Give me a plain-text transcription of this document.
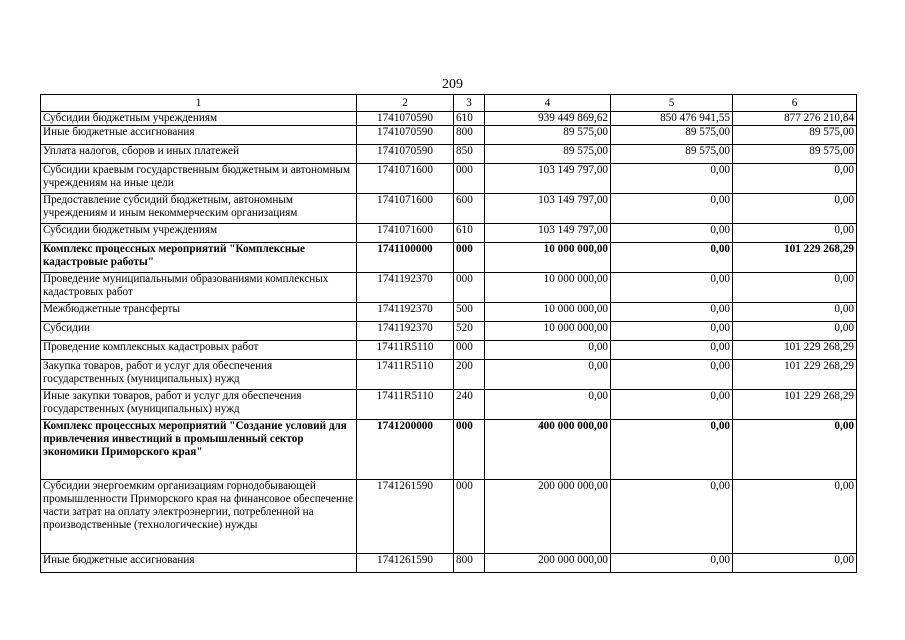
209
1	2	3	4	5	6
Субсидии бюджетным учреждениям	1741070590	610	939 449 869,62	850 476 941,55	877 276 210,84
Иные бюджетные ассигнования	1741070590	800	89 575,00	89 575,00	89 575,00
Уплата налогов, сборов и иных платежей	1741070590	850	89 575,00	89 575,00	89 575,00
Субсидии краевым государственным бюджетным и автономным учреждениям на иные цели	1741071600	000	103 149 797,00	0,00	0,00
Предоставление субсидий бюджетным, автономным учреждениям и иным некоммерческим организациям	1741071600	600	103 149 797,00	0,00	0,00
Субсидии бюджетным учреждениям	1741071600	610	103 149 797,00	0,00	0,00
Комплекс процессных мероприятий "Комплексные кадастровые работы"	1741100000	000	10 000 000,00	0,00	101 229 268,29
Проведение муниципальными образованиями комплексных кадастровых работ	1741192370	000	10 000 000,00	0,00	0,00
Межбюджетные трансферты	1741192370	500	10 000 000,00	0,00	0,00
Субсидии	1741192370	520	10 000 000,00	0,00	0,00
Проведение комплексных кадастровых работ	17411R5110	000	0,00	0,00	101 229 268,29
Закупка товаров, работ и услуг для обеспечения государственных (муниципальных) нужд	17411R5110	200	0,00	0,00	101 229 268,29
Иные закупки товаров, работ и услуг для обеспечения государственных (муниципальных) нужд	17411R5110	240	0,00	0,00	101 229 268,29
Комплекс процессных мероприятий "Создание условий для привлечения инвестиций в промышленный сектор экономики Приморского края"	1741200000	000	400 000 000,00	0,00	0,00
Субсидии энергоемким организациям горнодобывающей промышленности Приморского края на финансовое обеспечение части затрат на оплату электроэнергии, потребленной на производственные (технологические) нужды	1741261590	000	200 000 000,00	0,00	0,00
Иные бюджетные ассигнования	1741261590	800	200 000 000,00	0,00	0,00
